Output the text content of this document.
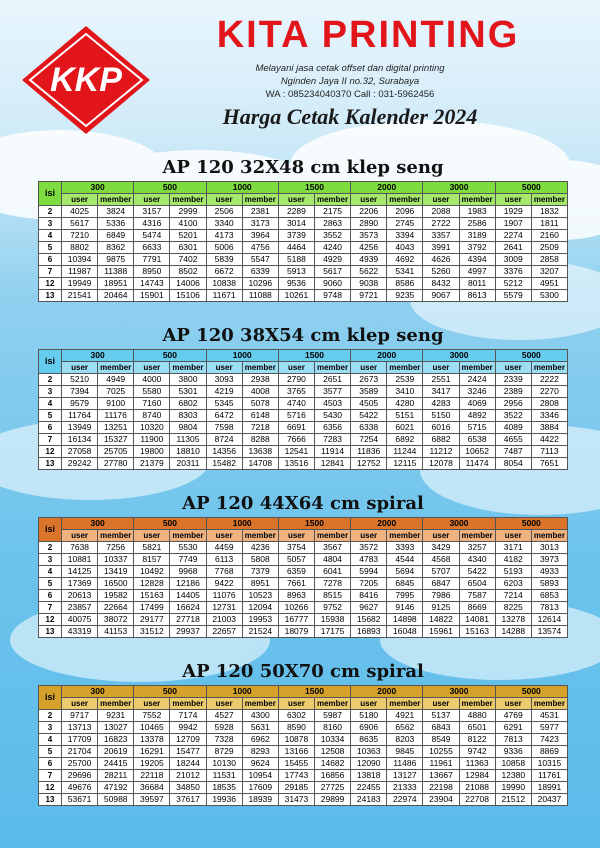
KKP
KITA PRINTING
Melayani jasa cetak offset dan digital printing
Nginden Jaya II no.32, Surabaya
WA : 085234040370 Call : 031-5962456
Harga Cetak Kalender 2024
AP 120 32X48 cm klep seng
isi	300		500		1000		1500		2000		3000		5000	
	user	member	user	member	user	member	user	member	user	member	user	member	user	member
2	4025	3824	3157	2999	2506	2381	2289	2175	2206	2096	2088	1983	1929	1832
3	5617	5336	4316	4100	3340	3173	3014	2863	2890	2745	2722	2586	1907	1811
4	7210	6849	5474	5201	4173	3964	3739	3552	3573	3394	3357	3189	2274	2160
5	8802	8362	6633	6301	5006	4756	4464	4240	4256	4043	3991	3792	2641	2509
6	10394	9875	7791	7402	5839	5547	5188	4929	4939	4692	4626	4394	3009	2858
7	11987	11388	8950	8502	6672	6339	5913	5617	5622	5341	5260	4997	3376	3207
12	19949	18951	14743	14006	10838	10296	9536	9060	9038	8586	8432	8011	5212	4951
13	21541	20464	15901	15106	11671	11088	10261	9748	9721	9235	9067	8613	5579	5300
AP 120 38X54 cm klep seng
isi	300		500		1000		1500		2000		3000		5000	
	user	member	user	member	user	member	user	member	user	member	user	member	user	member
2	5210	4949	4000	3800	3093	2938	2790	2651	2673	2539	2551	2424	2339	2222
3	7394	7025	5580	5301	4219	4008	3765	3577	3589	3410	3417	3246	2389	2270
4	9579	9100	7160	6802	5345	5078	4740	4503	4505	4280	4283	4069	2956	2808
5	11764	11176	8740	8303	6472	6148	5716	5430	5422	5151	5150	4892	3522	3346
6	13949	13251	10320	9804	7598	7218	6691	6356	6338	6021	6016	5715	4089	3884
7	16134	15327	11900	11305	8724	8288	7666	7283	7254	6892	6882	6538	4655	4422
12	27058	25705	19800	18810	14356	13638	12541	11914	11836	11244	11212	10652	7487	7113
13	29242	27780	21379	20311	15482	14708	13516	12841	12752	12115	12078	11474	8054	7651
AP 120 44X64 cm spiral
isi	300		500		1000		1500		2000		3000		5000	
	user	member	user	member	user	member	user	member	user	member	user	member	user	member
2	7638	7256	5821	5530	4459	4236	3754	3567	3572	3393	3429	3257	3171	3013
3	10881	10337	8157	7749	6113	5808	5057	4804	4783	4544	4568	4340	4182	3973
4	14125	13419	10492	9968	7768	7379	6359	6041	5994	5694	5707	5422	5193	4933
5	17369	16500	12828	12186	9422	8951	7661	7278	7205	6845	6847	6504	6203	5893
6	20613	19582	15163	14405	11076	10523	8963	8515	8416	7995	7986	7587	7214	6853
7	23857	22664	17499	16624	12731	12094	10266	9752	9627	9146	9125	8669	8225	7813
12	40075	38072	29177	27718	21003	19953	16777	15938	15682	14898	14822	14081	13278	12614
13	43319	41153	31512	29937	22657	21524	18079	17175	16893	16048	15961	15163	14288	13574
AP 120 50X70 cm spiral
isi	300		500		1000		1500		2000		3000		5000	
	user	member	user	member	user	member	user	member	user	member	user	member	user	member
2	9717	9231	7552	7174	4527	4300	6302	5987	5180	4921	5137	4880	4769	4531
3	13713	13027	10465	9942	5928	5631	8590	8160	6906	6562	6843	6501	6291	5977
4	17709	16823	13378	12709	7328	6962	10878	10334	8635	8203	8549	8122	7813	7423
5	21704	20619	16291	15477	8729	8293	13166	12508	10363	9845	10255	9742	9336	8869
6	25700	24415	19205	18244	10130	9624	15455	14682	12090	11486	11961	11363	10858	10315
7	29696	28211	22118	21012	11531	10954	17743	16856	13818	13127	13667	12984	12380	11761
12	49676	47192	36684	34850	18535	17609	29185	27725	22455	21333	22198	21088	19990	18991
13	53671	50988	39597	37617	19936	18939	31473	29899	24183	22974	23904	22708	21512	20437
